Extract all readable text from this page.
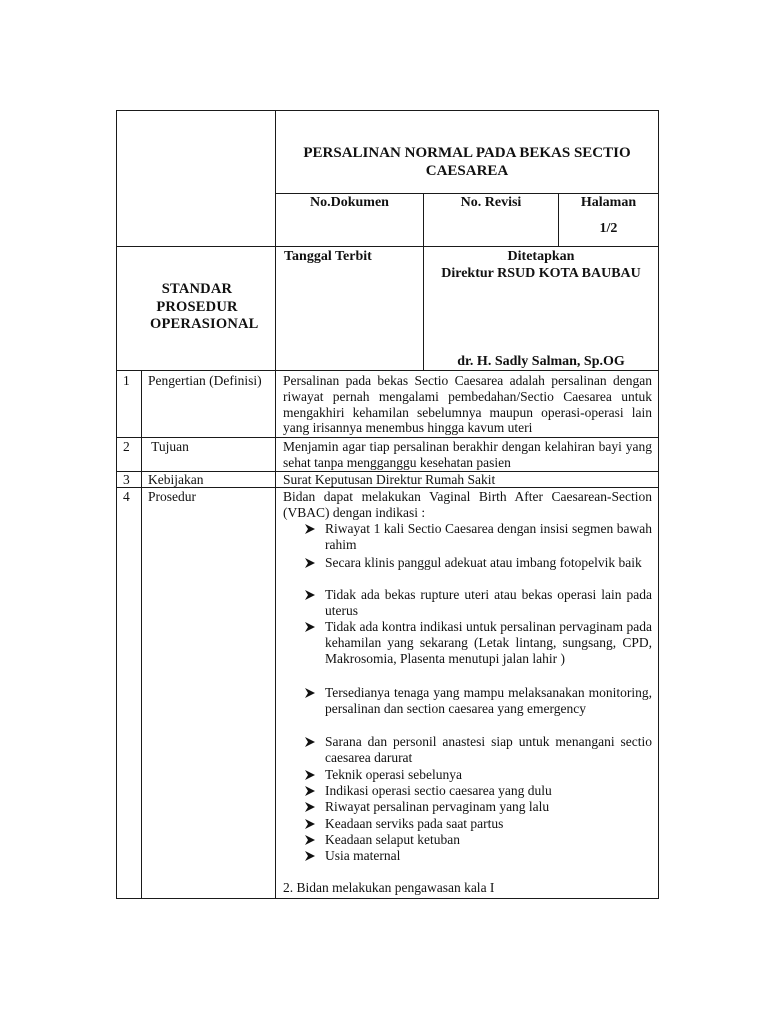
PERSALINAN NORMAL PADA BEKAS SECTIO CAESAREA
No.Dokumen	No. Revisi	Halaman
1/2
Tanggal Terbit	Ditetapkan
Direktur RSUD KOTA BAUBAU
dr. H. Sadly Salman, Sp.OG
STANDAR PROSEDUR OPERASIONAL
1 Pengertian (Definisi)	Persalinan pada bekas Sectio Caesarea adalah persalinan dengan riwayat pernah mengalami pembedahan/Sectio Caesarea untuk mengakhiri kehamilan sebelumnya maupun operasi-operasi lain yang irisannya menembus hingga kavum uteri
2 Tujuan	Menjamin agar tiap persalinan berakhir dengan kelahiran bayi yang sehat tanpa mengganggu kesehatan pasien
3 Kebijakan	Surat Keputusan Direktur Rumah Sakit
4 Prosedur	Bidan dapat melakukan Vaginal Birth After Caesarean-Section (VBAC) dengan indikasi :
Riwayat 1 kali Sectio Caesarea dengan insisi segmen bawah rahim
Secara klinis panggul adekuat atau imbang fotopelvik baik
Tidak ada bekas rupture uteri atau bekas operasi lain pada uterus
Tidak ada kontra indikasi untuk persalinan pervaginam pada kehamilan yang sekarang (Letak lintang, sungsang, CPD, Makrosomia, Plasenta menutupi jalan lahir )
Tersedianya tenaga yang mampu melaksanakan monitoring, persalinan dan section caesarea yang emergency
Sarana dan personil anastesi siap untuk menangani sectio caesarea darurat
Teknik operasi sebelunya
Indikasi operasi sectio caesarea yang dulu
Riwayat persalinan pervaginam yang lalu
Keadaan serviks pada saat partus
Keadaan selaput ketuban
Usia maternal
2. Bidan melakukan pengawasan kala I
